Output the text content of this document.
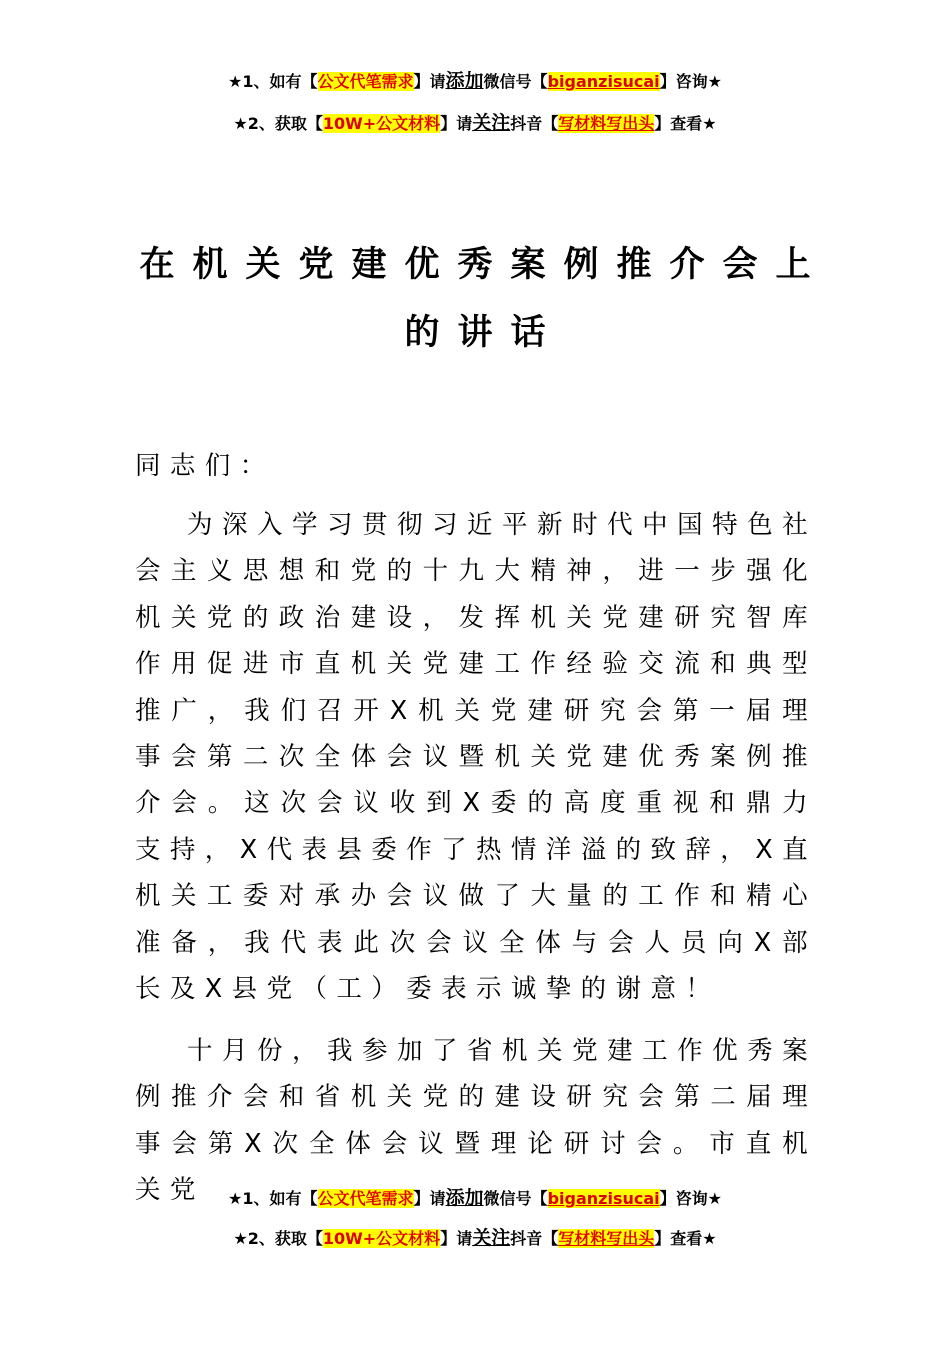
★1、如有【公文代笔需求】请添加微信号【biganzisucai】咨询★
★2、获取【10W+公文材料】请关注抖音【写材料写出头】查看★
在机关党建优秀案例推介会上
的讲话
同志们：
为深入学习贯彻习近平新时代中国特色社会主义思想和党的十九大精神，进一步强化机关党的政治建设，发挥机关党建研究智库作用促进市直机关党建工作经验交流和典型推广，我们召开X机关党建研究会第一届理事会第二次全体会议暨机关党建优秀案例推介会。这次会议收到X委的高度重视和鼎力支持，X代表县委作了热情洋溢的致辞，X直机关工委对承办会议做了大量的工作和精心准备，我代表此次会议全体与会人员向X部长及X县党（工）委表示诚挚的谢意！
十月份，我参加了省机关党建工作优秀案例推介会和省机关党的建设研究会第二届理事会第X次全体会议暨理论研讨会。市直机关党	★1、如有【公文代笔需求】请添加微信号【biganzisucai】咨询★
★2、获取【10W+公文材料】请关注抖音【写材料写出头】查看★
